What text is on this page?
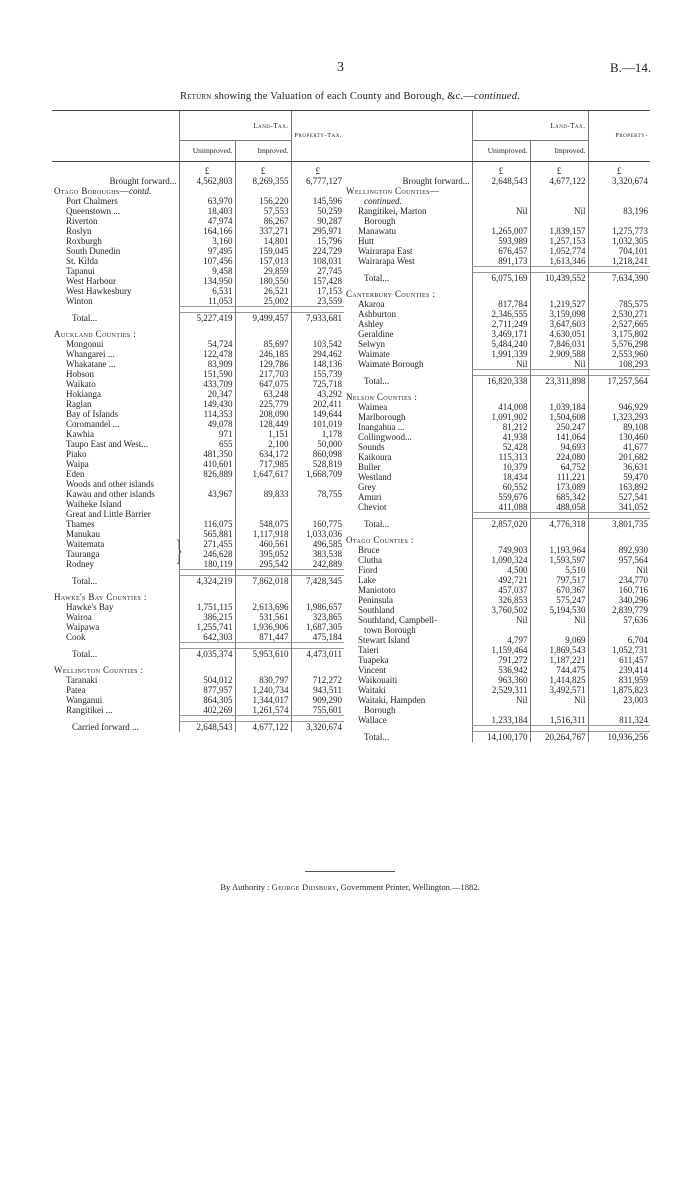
3	B.—14.
Return showing the Valuation of each County and Borough, &c.—continued.
	Land-Tax.		Property-Tax.
	Unimproved.	Improved.	
	£	£	£
Brought forward...	4,562,803	8,269,355	6,777,127
Otago Boroughs—contd.			
Port Chalmers	63,970	156,220	145,596
Queenstown ...	18,403	57,553	50,259
Riverton	47,974	86,267	90,287
Roslyn	164,166	337,271	295,971
Roxburgh	3,160	14,801	15,796
South Dunedin	97,495	159,045	224,729
St. Kilda	107,456	157,013	108,031
Tapanui	9,458	29,859	27,745
West Harbour	134,950	180,550	157,428
West Hawkesbury	6,531	26,521	17,153
Winton	11,053	25,002	23,559

Total...	5,227,419	9,499,457	7,933,681

Auckland Counties :			
Mongonui	54,724	85,697	103,542
Whangarei ...	122,478	246,185	294,462
Whakatane ...	83,909	129,786	148,136
Hobson	151,590	217,703	155,739
Waikato	433,709	647,075	725,718
Hokianga	20,347	63,248	43,292
Raglan	149,430	225,779	202,411
Bay of Islands	114,353	208,090	149,644
Coromandel ...	49,078	128,449	101,019
Kawhia	971	1,151	1,178
Taupo East and West...	655	2,100	50,000
Piako	481,350	634,172	860,098
Waipa	410,601	717,985	528,819
Eden	826,889	1,647,617	1,668,709
Woods and other islands			
Kawau and other islands	43,967	89,833	78,755
Waiheke Island			
Great and Little Barrier			
Thames	116,075	548,075	160,775
Manukau	565,881	1,117,918	1,033,036
Waitemata	271,455	460,561	496,585
Tauranga	246,628	395,052	383,538
Rodney	180,119	295,542	242,889

Total...	4,324,219	7,862,018	7,428,345

Hawke's Bay Counties :			
Hawke's Bay	1,751,115	2,613,696	1,986,657
Wairoa	386,215	531,561	323,865
Waipawa	1,255,741	1,936,906	1,687,305
Cook	642,303	871,447	475,184

Total...	4,035,374	5,953,610	4,473,011

Wellington Counties :			
Taranaki	504,012	830,797	712,272
Patea	877,957	1,240,734	943,511
Wanganui	864,305	1,344,017	909,290
Rangitikei ...	402,269	1,261,574	755,601

Carried forward ...	2,648,543	4,677,122	3,320,674
	Land-Tax.		Property-
	Unimproved.	Improved.	
	£	£	£
Brought forward...	2,648,543	4,677,122	3,320,674
Wellington Counties—			
continued.			
Rangitikei, Marton	Nil	Nil	83,196
Borough			
Manawatu	1,265,007	1,839,157	1,275,773
Hutt	593,989	1,257,153	1,032,305
Wairarapa East	676,457	1,052,774	704,101
Wairarapa West	891,173	1,613,346	1,218,241

Total...	6,075,169	10,439,552	7,634,390

Canterbury Counties :			
Akaroa	817,784	1,219,527	785,575
Ashburton	2,346,555	3,159,098	2,530,271
Ashley	2,711,249	3,647,603	2,527,665
Geraldine	3,469,171	4,630,051	3,175,802
Selwyn	5,484,240	7,846,031	5,576,298
Waimate	1,991,339	2,909,588	2,553,960
Waimate Borough	Nil	Nil	108,293

Total...	16,820,338	23,311,898	17,257,564

Nelson Counties :			
Waimea	414,008	1,039,184	946,929
Marlborough	1,091,902	1,504,608	1,323,293
Inangahua ...	81,212	250,247	89,108
Collingwood...	41,938	141,064	130,460
Sounds	52,428	94,693	41,677
Kaikoura	115,313	224,080	201,682
Buller	10,379	64,752	36,631
Westland	18,434	111,221	59,470
Grey	60,552	173,089	163,892
Amuri	559,676	685,342	527,541
Cheviot	411,088	488,058	341,052

Total...	2,857,020	4,776,318	3,801,735

Otago Counties :			
Bruce	749,903	1,193,964	892,930
Clutha	1,090,324	1,593,597	957,564
Fiord	4,500	5,510	Nil
Lake	492,721	797,517	234,770
Maniototo	457,037	670,367	160,716
Peninsula	326,853	575,247	340,296
Southland	3,760,502	5,194,530	2,839,779
Southland, Campbell-	Nil	Nil	57,636
town Borough			
Stewart Island	4,797	9,069	6,704
Taieri	1,159,464	1,869,543	1,052,731
Tuapeka	791,272	1,187,221	611,457
Vincent	536,942	744,475	239,414
Waikouaiti	963,360	1,414,825	831,959
Waitaki	2,529,311	3,492,571	1,875,823
Waitaki, Hampden	Nil	Nil	23,003
Borough			
Wallace	1,233,184	1,516,311	811,324

Total...	14,100,170	20,264,767	10,936,256
}
By Authority : George Didsbury, Government Printer, Wellington.—1882.
